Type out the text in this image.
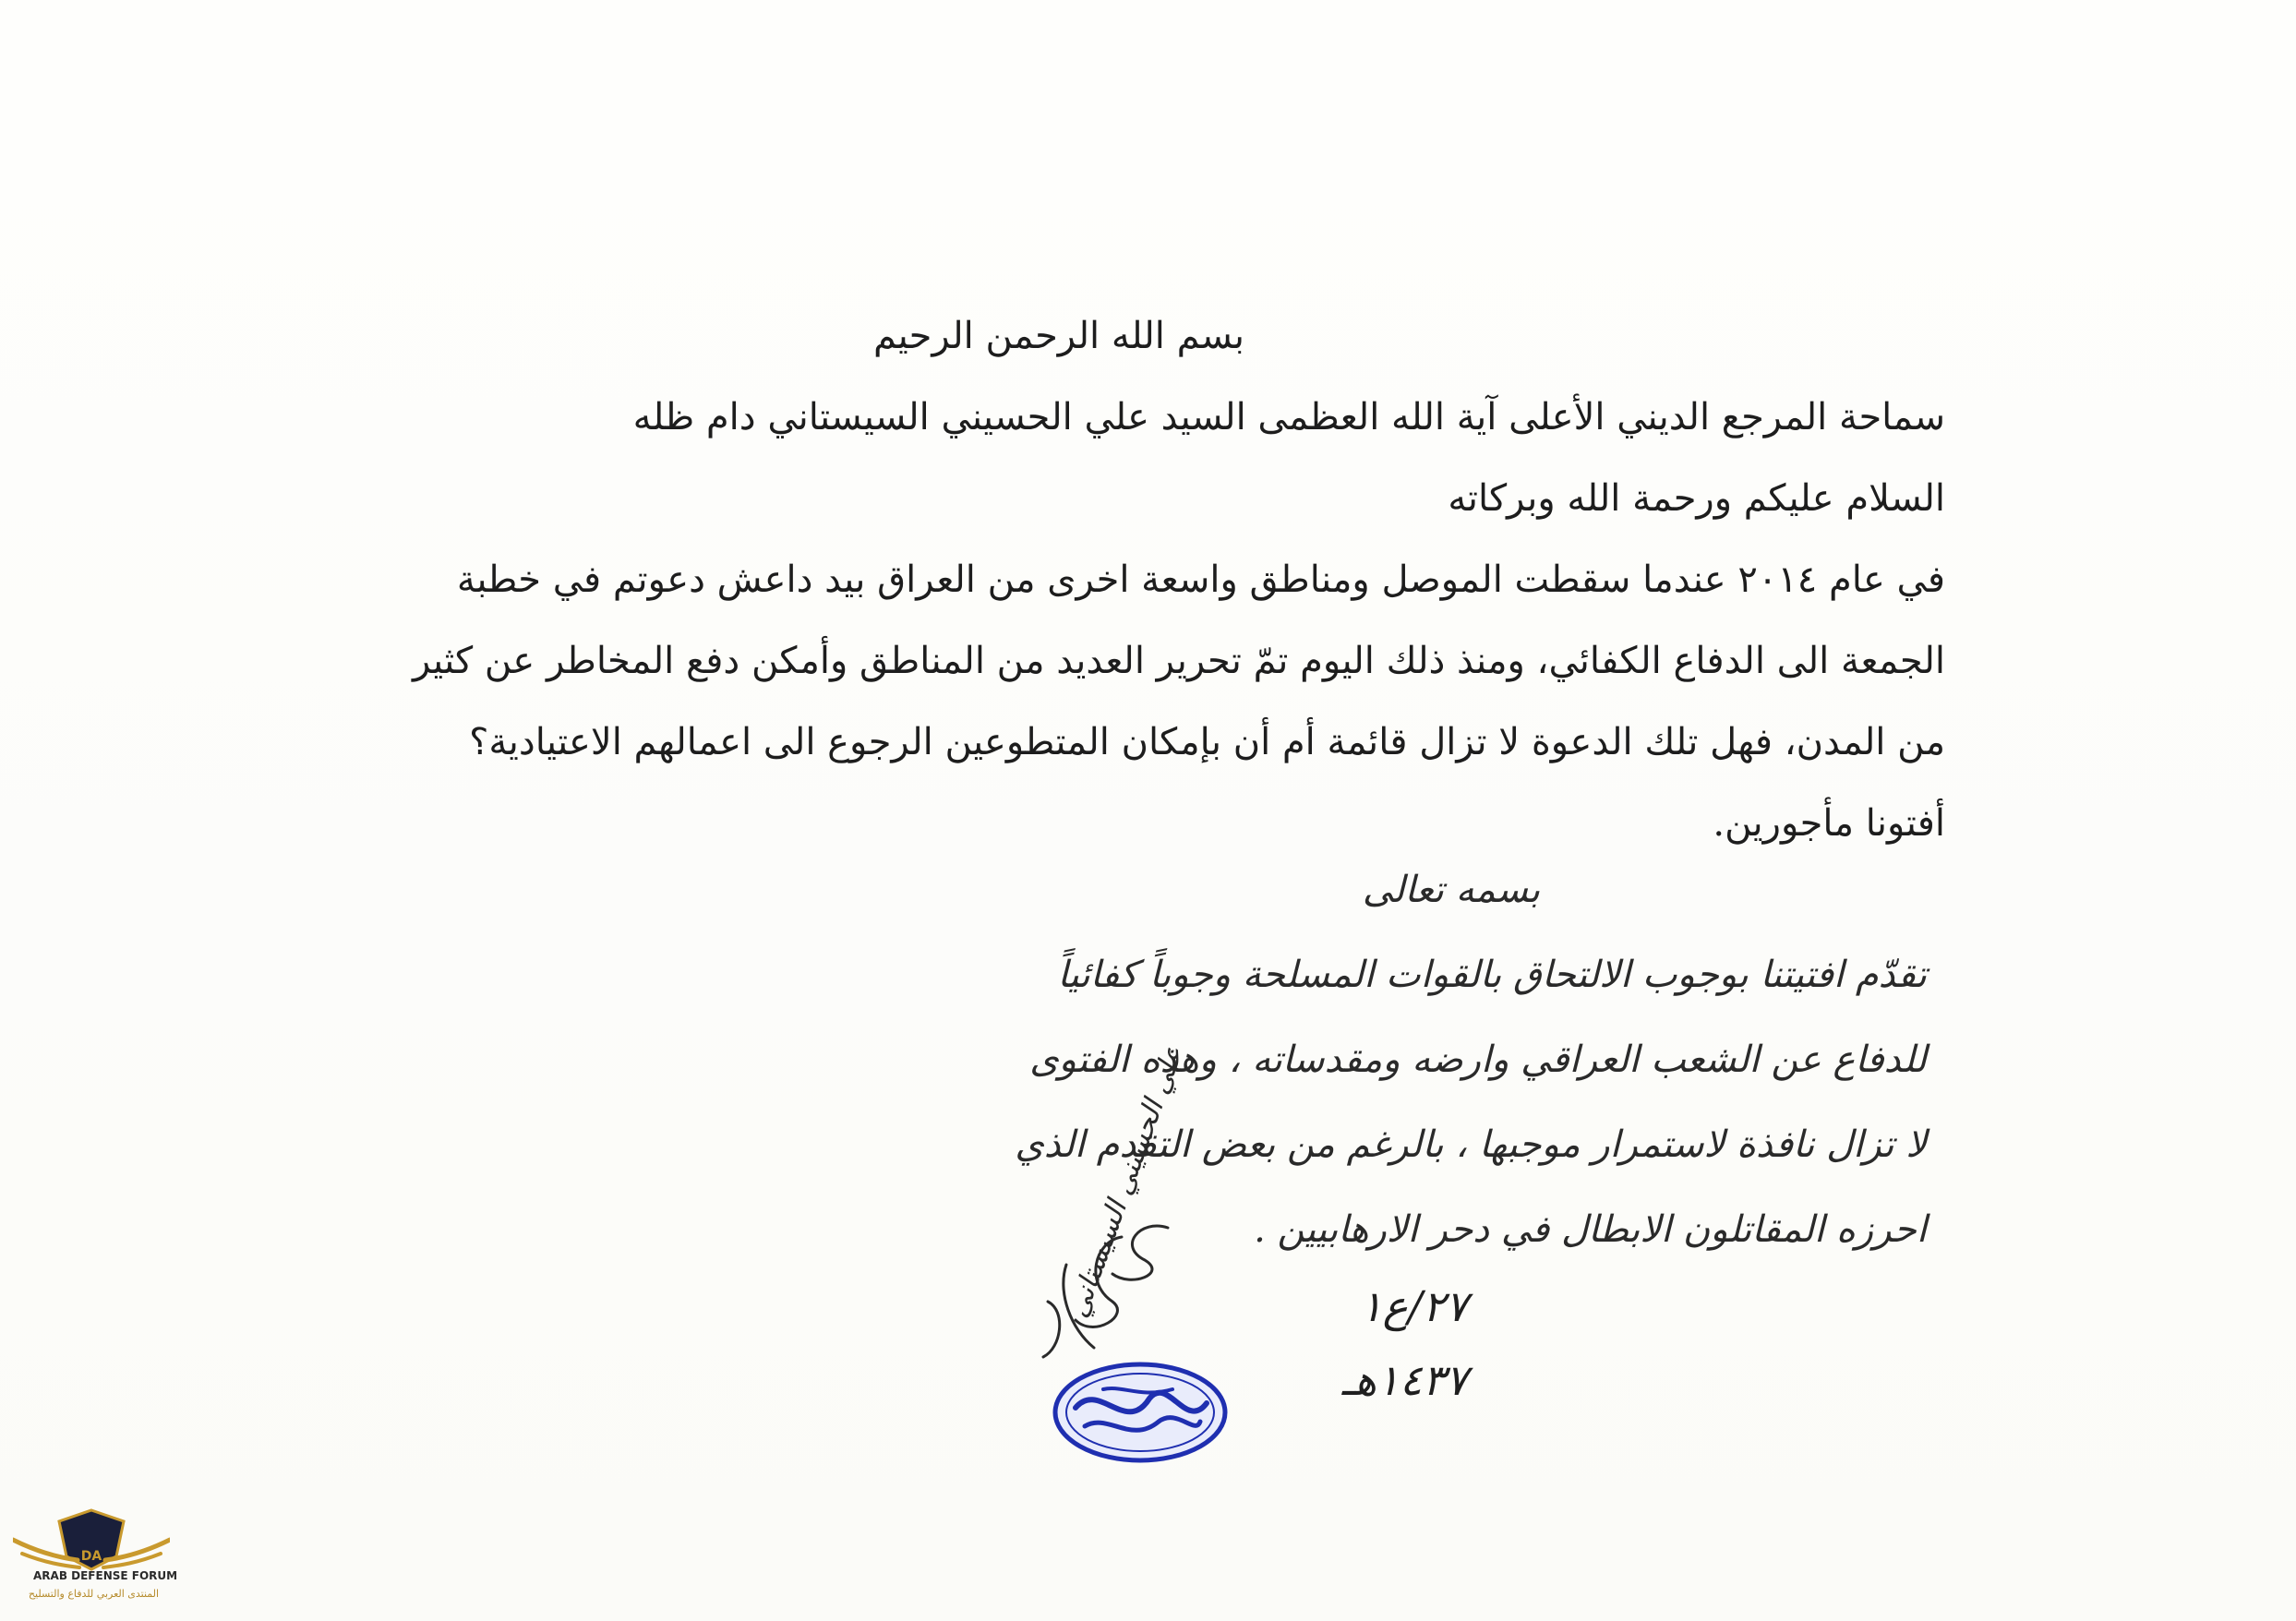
بسم الله الرحمن الرحيم

سماحة المرجع الديني الأعلى آية الله العظمى السيد علي الحسيني السيستاني دام ظله

السلام عليكم ورحمة الله وبركاته

في عام ٢٠١٤ عندما سقطت الموصل ومناطق واسعة اخرى من العراق بيد داعش دعوتم في خطبة

الجمعة الى الدفاع الكفائي، ومنذ ذلك اليوم تمّ تحرير العديد من المناطق وأمكن دفع المخاطر عن كثير

من المدن، فهل تلك الدعوة لا تزال قائمة أم أن بإمكان المتطوعين الرجوع الى اعمالهم الاعتيادية؟

أفتونا مأجورين.

بسمه تعالى

تقدّم افتيتنا بوجوب الالتحاق بالقوات المسلحة وجوباً كفائياً

للدفاع عن الشعب العراقي وارضه ومقدساته ، وهذه الفتوى

لا تزال نافذة لاستمرار موجبها ، بالرغم من بعض التقدم الذي

احرزه المقاتلون الابطال في دحر الارهابيين .

٢٧/ع١

١٤٣٧هـ

علي الحسيني السيستاني
DA
ARAB DEFENSE FORUM
المنتدى العربي للدفاع والتسليح
